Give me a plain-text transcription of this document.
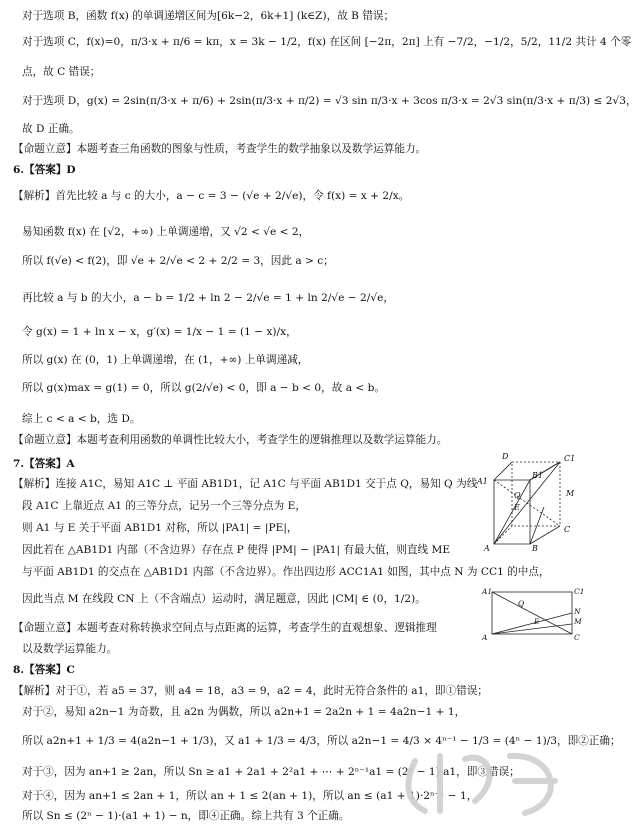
对于选项 B，函数 f(x) 的单调递增区间为[6k−2，6k+1] (k∈Z)，故 B 错误；
对于选项 C，f(x)=0，π/3·x + π/6 = kπ，x = 3k − 1/2，f(x) 在区间 [−2π，2π] 上有 −7/2，−1/2，5/2，11/2 共计 4 个零
点，故 C 错误；
对于选项 D，g(x) = 2sin(π/3·x + π/6) + 2sin(π/3·x + π/2) = √3 sin π/3·x + 3cos π/3·x = 2√3 sin(π/3·x + π/3) ≤ 2√3，
故 D 正确。
【命题立意】本题考查三角函数的图象与性质，考查学生的数学抽象以及数学运算能力。
6.【答案】D
【解析】首先比较 a 与 c 的大小，a − c = 3 − (√e + 2/√e)，令 f(x) = x + 2/x。
易知函数 f(x) 在 [√2，+∞) 上单调递增，又 √2 < √e < 2，
所以 f(√e) < f(2)，即 √e + 2/√e < 2 + 2/2 = 3，因此 a > c；
再比较 a 与 b 的大小，a − b = 1/2 + ln 2 − 2/√e = 1 + ln 2/√e − 2/√e，
令 g(x) = 1 + ln x − x，g′(x) = 1/x − 1 = (1 − x)/x，
所以 g(x) 在 (0，1) 上单调递增，在 (1，+∞) 上单调递减，
所以 g(x)max = g(1) = 0，所以 g(2/√e) < 0，即 a − b < 0，故 a < b。
综上 c < a < b，选 D。
【命题立意】本题考查利用函数的单调性比较大小，考查学生的逻辑推理以及数学运算能力。
7.【答案】A
【解析】连接 A1C，易知 A1C ⊥ 平面 AB1D1，记 A1C 与平面 AB1D1 交于点 Q，易知 Q 为线
段 A1C 上靠近点 A1 的三等分点，记另一个三等分点为 E，
则 A1 与 E 关于平面 AB1D1 对称，所以 |PA1| = |PE|，
因此若在 △AB1D1 内部（不含边界）存在点 P 使得 |PM| − |PA1| 有最大值，则直线 ME
与平面 AB1D1 的交点在 △AB1D1 内部（不含边界）。作出四边形 ACC1A1 如图，其中点 N 为 CC1 的中点，
因此当点 M 在线段 CN 上（不含端点）运动时，满足题意，因此 |CM| ∈ (0，1/2)。
【命题立意】本题考查对称转换求空间点与点距离的运算，考查学生的直观想象、逻辑推理
以及数学运算能力。
8.【答案】C
【解析】对于①，若 a5 = 37，则 a4 = 18，a3 = 9，a2 = 4，此时无符合条件的 a1，即①错误；
对于②，易知 a2n−1 为奇数，且 a2n 为偶数，所以 a2n+1 = 2a2n + 1 = 4a2n−1 + 1，
所以 a2n+1 + 1/3 = 4(a2n−1 + 1/3)，又 a1 + 1/3 = 4/3，所以 a2n−1 = 4/3 × 4ⁿ⁻¹ − 1/3 = (4ⁿ − 1)/3，即②正确；
对于③，因为 an+1 ≥ 2an，所以 Sn ≥ a1 + 2a1 + 2²a1 + ⋯ + 2ⁿ⁻¹a1 = (2ⁿ − 1)·a1，即③错误；
对于④，因为 an+1 ≤ 2an + 1，所以 an + 1 ≤ 2(an + 1)，所以 an ≤ (a1 + 1)·2ⁿ⁻¹ − 1，
所以 Sn ≤ (2ⁿ − 1)·(a1 + 1) − n，即④正确。综上共有 3 个正确。
D	C1
A1
B1
M
Q
E
A	B
C
A1	C1
Q
N
E	M
A	C
